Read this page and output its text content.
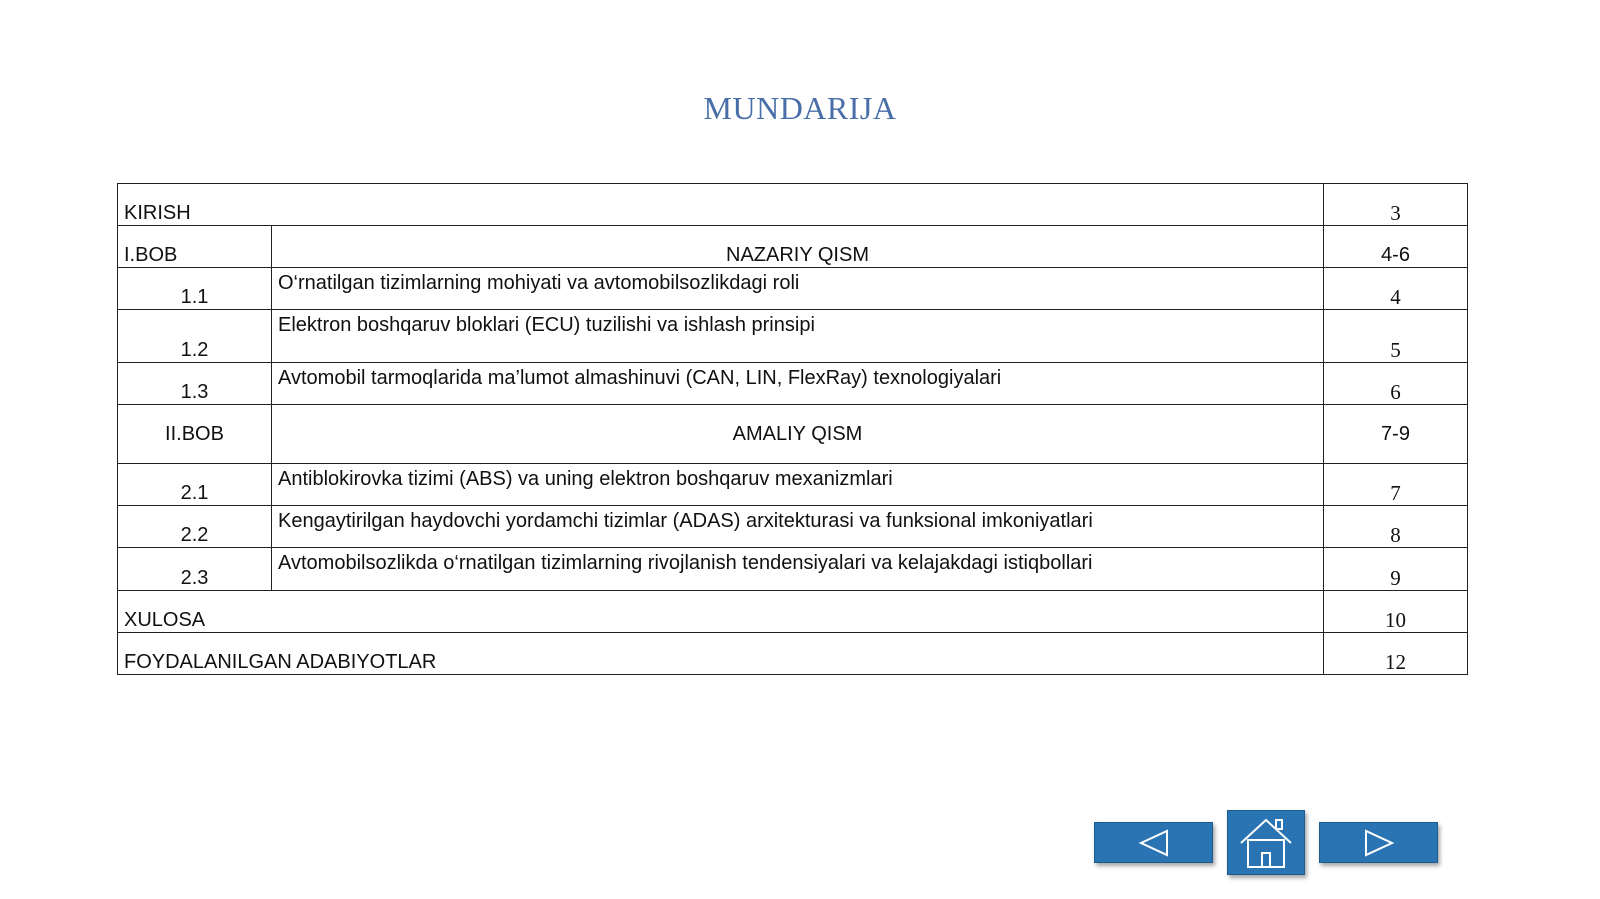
MUNDARIJA
KIRISH		3
I.BOB	NAZARIY QISM	4-6
1.1	O‘rnatilgan tizimlarning mohiyati va avtomobilsozlikdagi roli	4
1.2	Elektron boshqaruv bloklari (ECU) tuzilishi va ishlash prinsipi	5
1.3	Avtomobil tarmoqlarida ma’lumot almashinuvi (CAN, LIN, FlexRay) texnologiyalari	6
II.BOB	AMALIY QISM	7-9
2.1	Antiblokirovka tizimi (ABS) va uning elektron boshqaruv mexanizmlari	7
2.2	Kengaytirilgan haydovchi yordamchi tizimlar (ADAS) arxitekturasi va funksional imkoniyatlari	8
2.3	Avtomobilsozlikda o‘rnatilgan tizimlarning rivojlanish tendensiyalari va kelajakdagi istiqbollari	9
XULOSA		10
FOYDALANILGAN ADABIYOTLAR		12
